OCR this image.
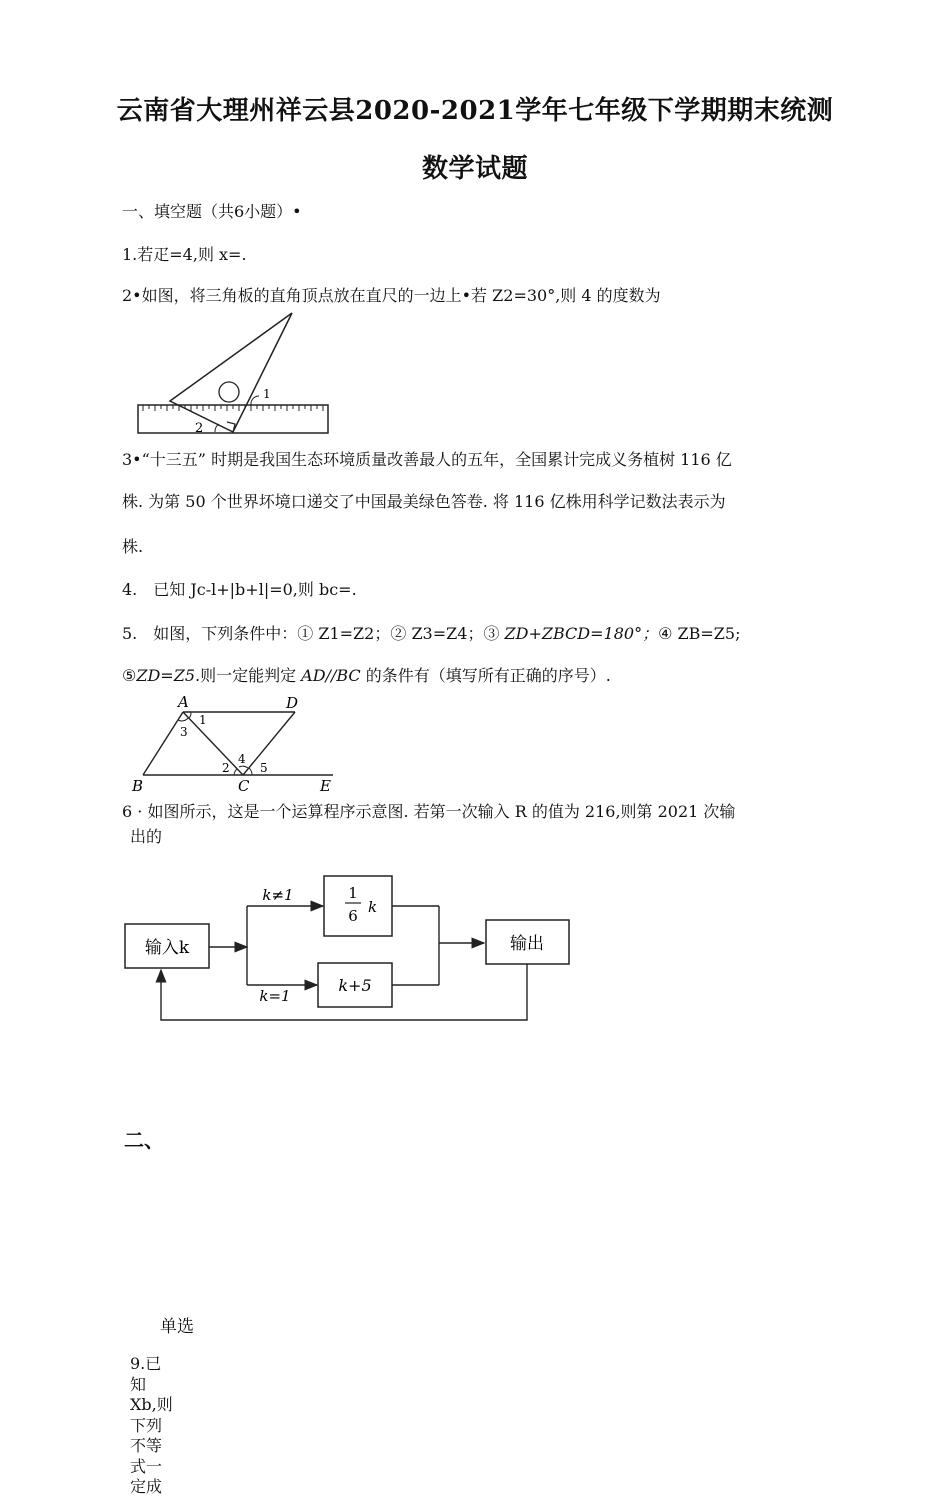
云南省大理州祥云县2020-2021学年七年级下学期期末统测
数学试题
一、填空题（共6小题）•
1.若疋=4,则 x=.
2•如图，将三角板的直角顶点放在直尺的一边上•若 Z2=30°,则 4 的度数为
1
2
3•“十三五” 时期是我国生态环境质量改善最人的五年，全国累计完成义务植树 116 亿
株. 为第 50 个世界坏境口递交了中国最美绿色答卷. 将 116 亿株用科学记数法表示为
株.
4.　已知 Jc-l+|b+l|=0,则 bc=.
5.　如图，下列条件中：① Z1=Z2；② Z3=Z4；③ ZD+ZBCD=180°；④ ZB=Z5;
⑤ZD=Z5.则一定能判定 AD//BC 的条件有（填写所有正确的序号）.
A	D
B	C	E
1
3
2
4
5
6 · 如图所示，这是一个运算程序示意图. 若第一次输入 R 的值为 216,则第 2021 次输
出的
输入k
k≠1
k=1
1
6 k
k+5
输出
二、
单选
9.已
知
Xb,则
下列
不等
式一
定成
